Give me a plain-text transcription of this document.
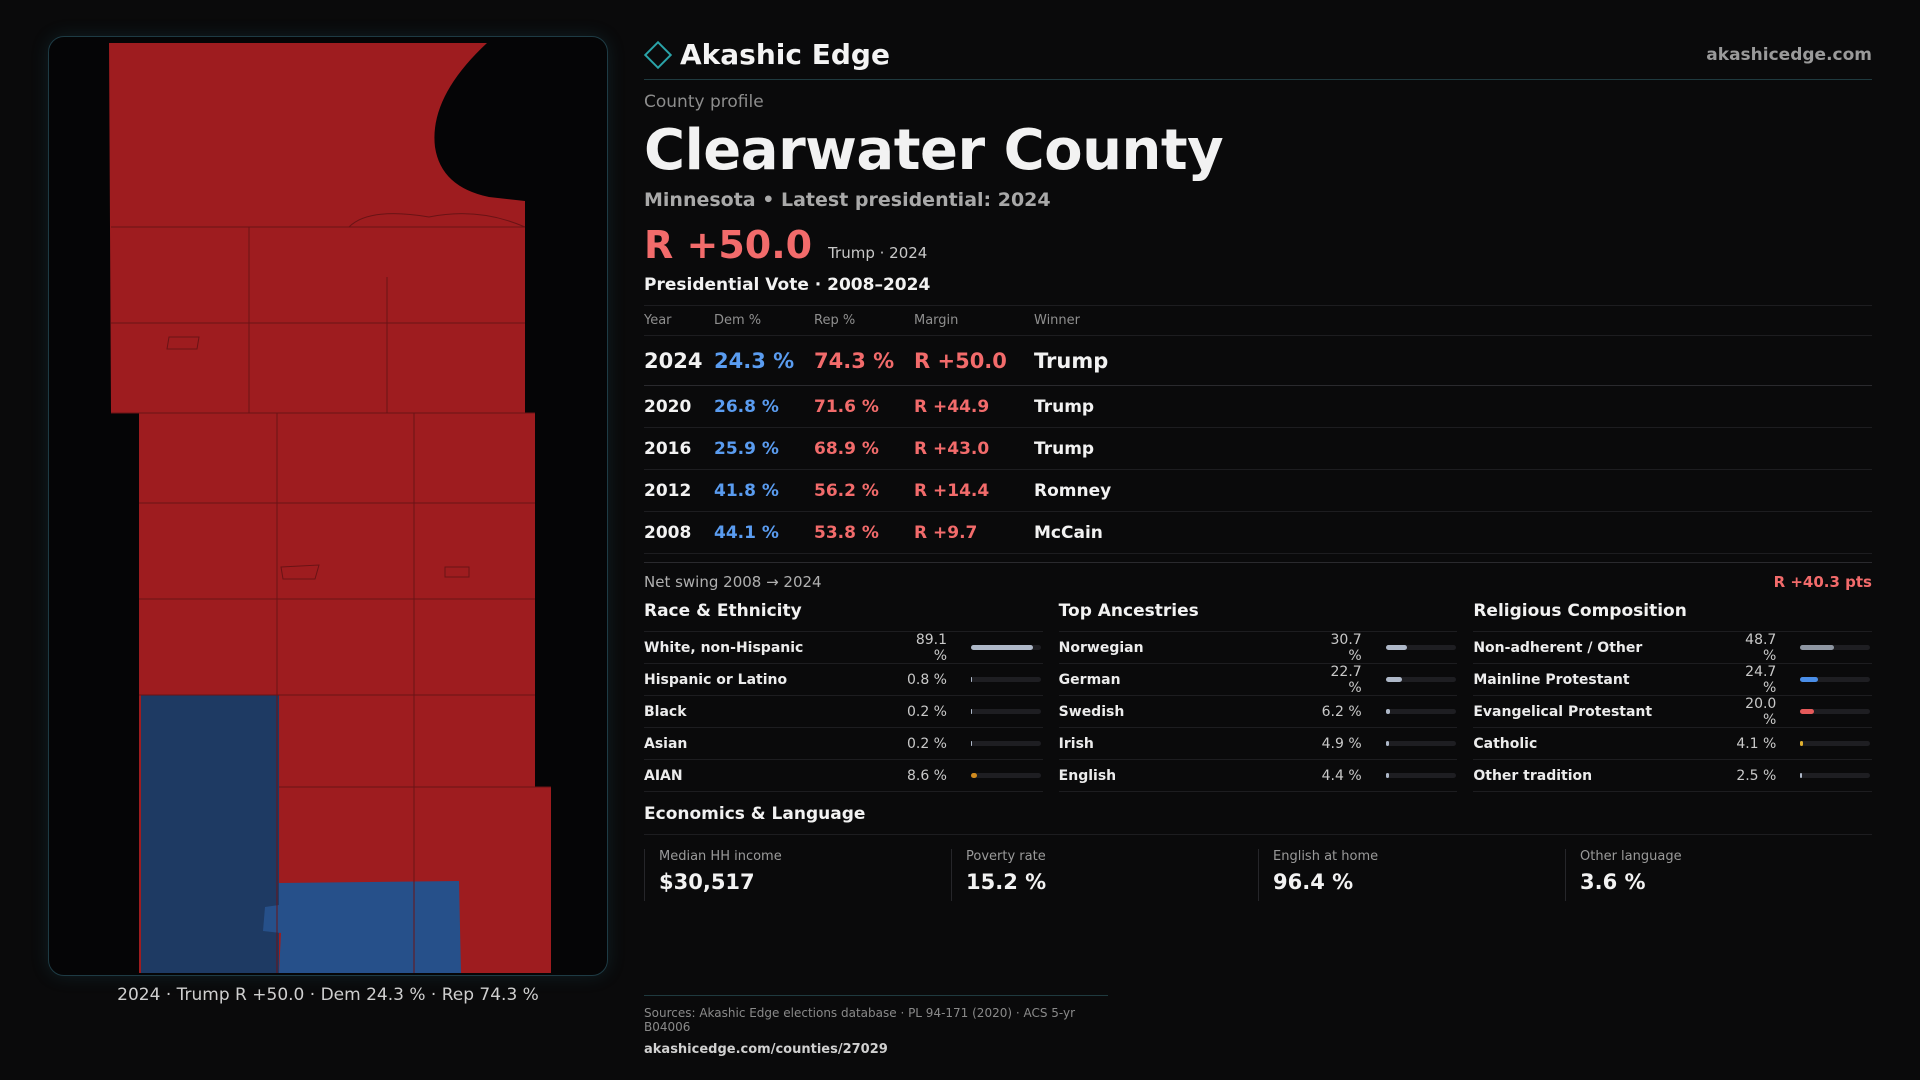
2024 · Trump R +50.0 · Dem 24.3 % · Rep 74.3 %
Akashic Edge	akashicedge.com
County profile
Clearwater County
Minnesota • Latest presidential: 2024
R +50.0 Trump · 2024
Presidential Vote · 2008–2024
Year	Dem %	Rep %	Margin	Winner
2024 24.3 % 74.3 % R +50.0	Trump
2020	26.8 %	71.6 %	R +44.9	Trump
2016	25.9 %	68.9 %	R +43.0	Trump
2012	41.8 %	56.2 %	R +14.4	Romney
2008	44.1 %	53.8 %	R +9.7	McCain
Net swing 2008 → 2024	R +40.3 pts
Race & Ethnicity
White, non-Hispanic	89.1 %
Hispanic or Latino	0.8 %
Black	0.2 %
Asian	0.2 %
AIAN	8.6 %
Top Ancestries
Norwegian	30.7 %
German	22.7 %
Swedish	6.2 %
Irish	4.9 %
English	4.4 %
Religious Composition
Non-adherent / Other	48.7 %
Mainline Protestant	24.7 %
Evangelical Protestant	20.0 %
Catholic	4.1 %
Other tradition	2.5 %
Economics & Language
Median HH income
$30,517
Poverty rate
15.2 %
English at home
96.4 %
Other language
3.6 %
Sources: Akashic Edge elections database · PL 94-171 (2020) · ACS 5-yr B04006
akashicedge.com/counties/27029
